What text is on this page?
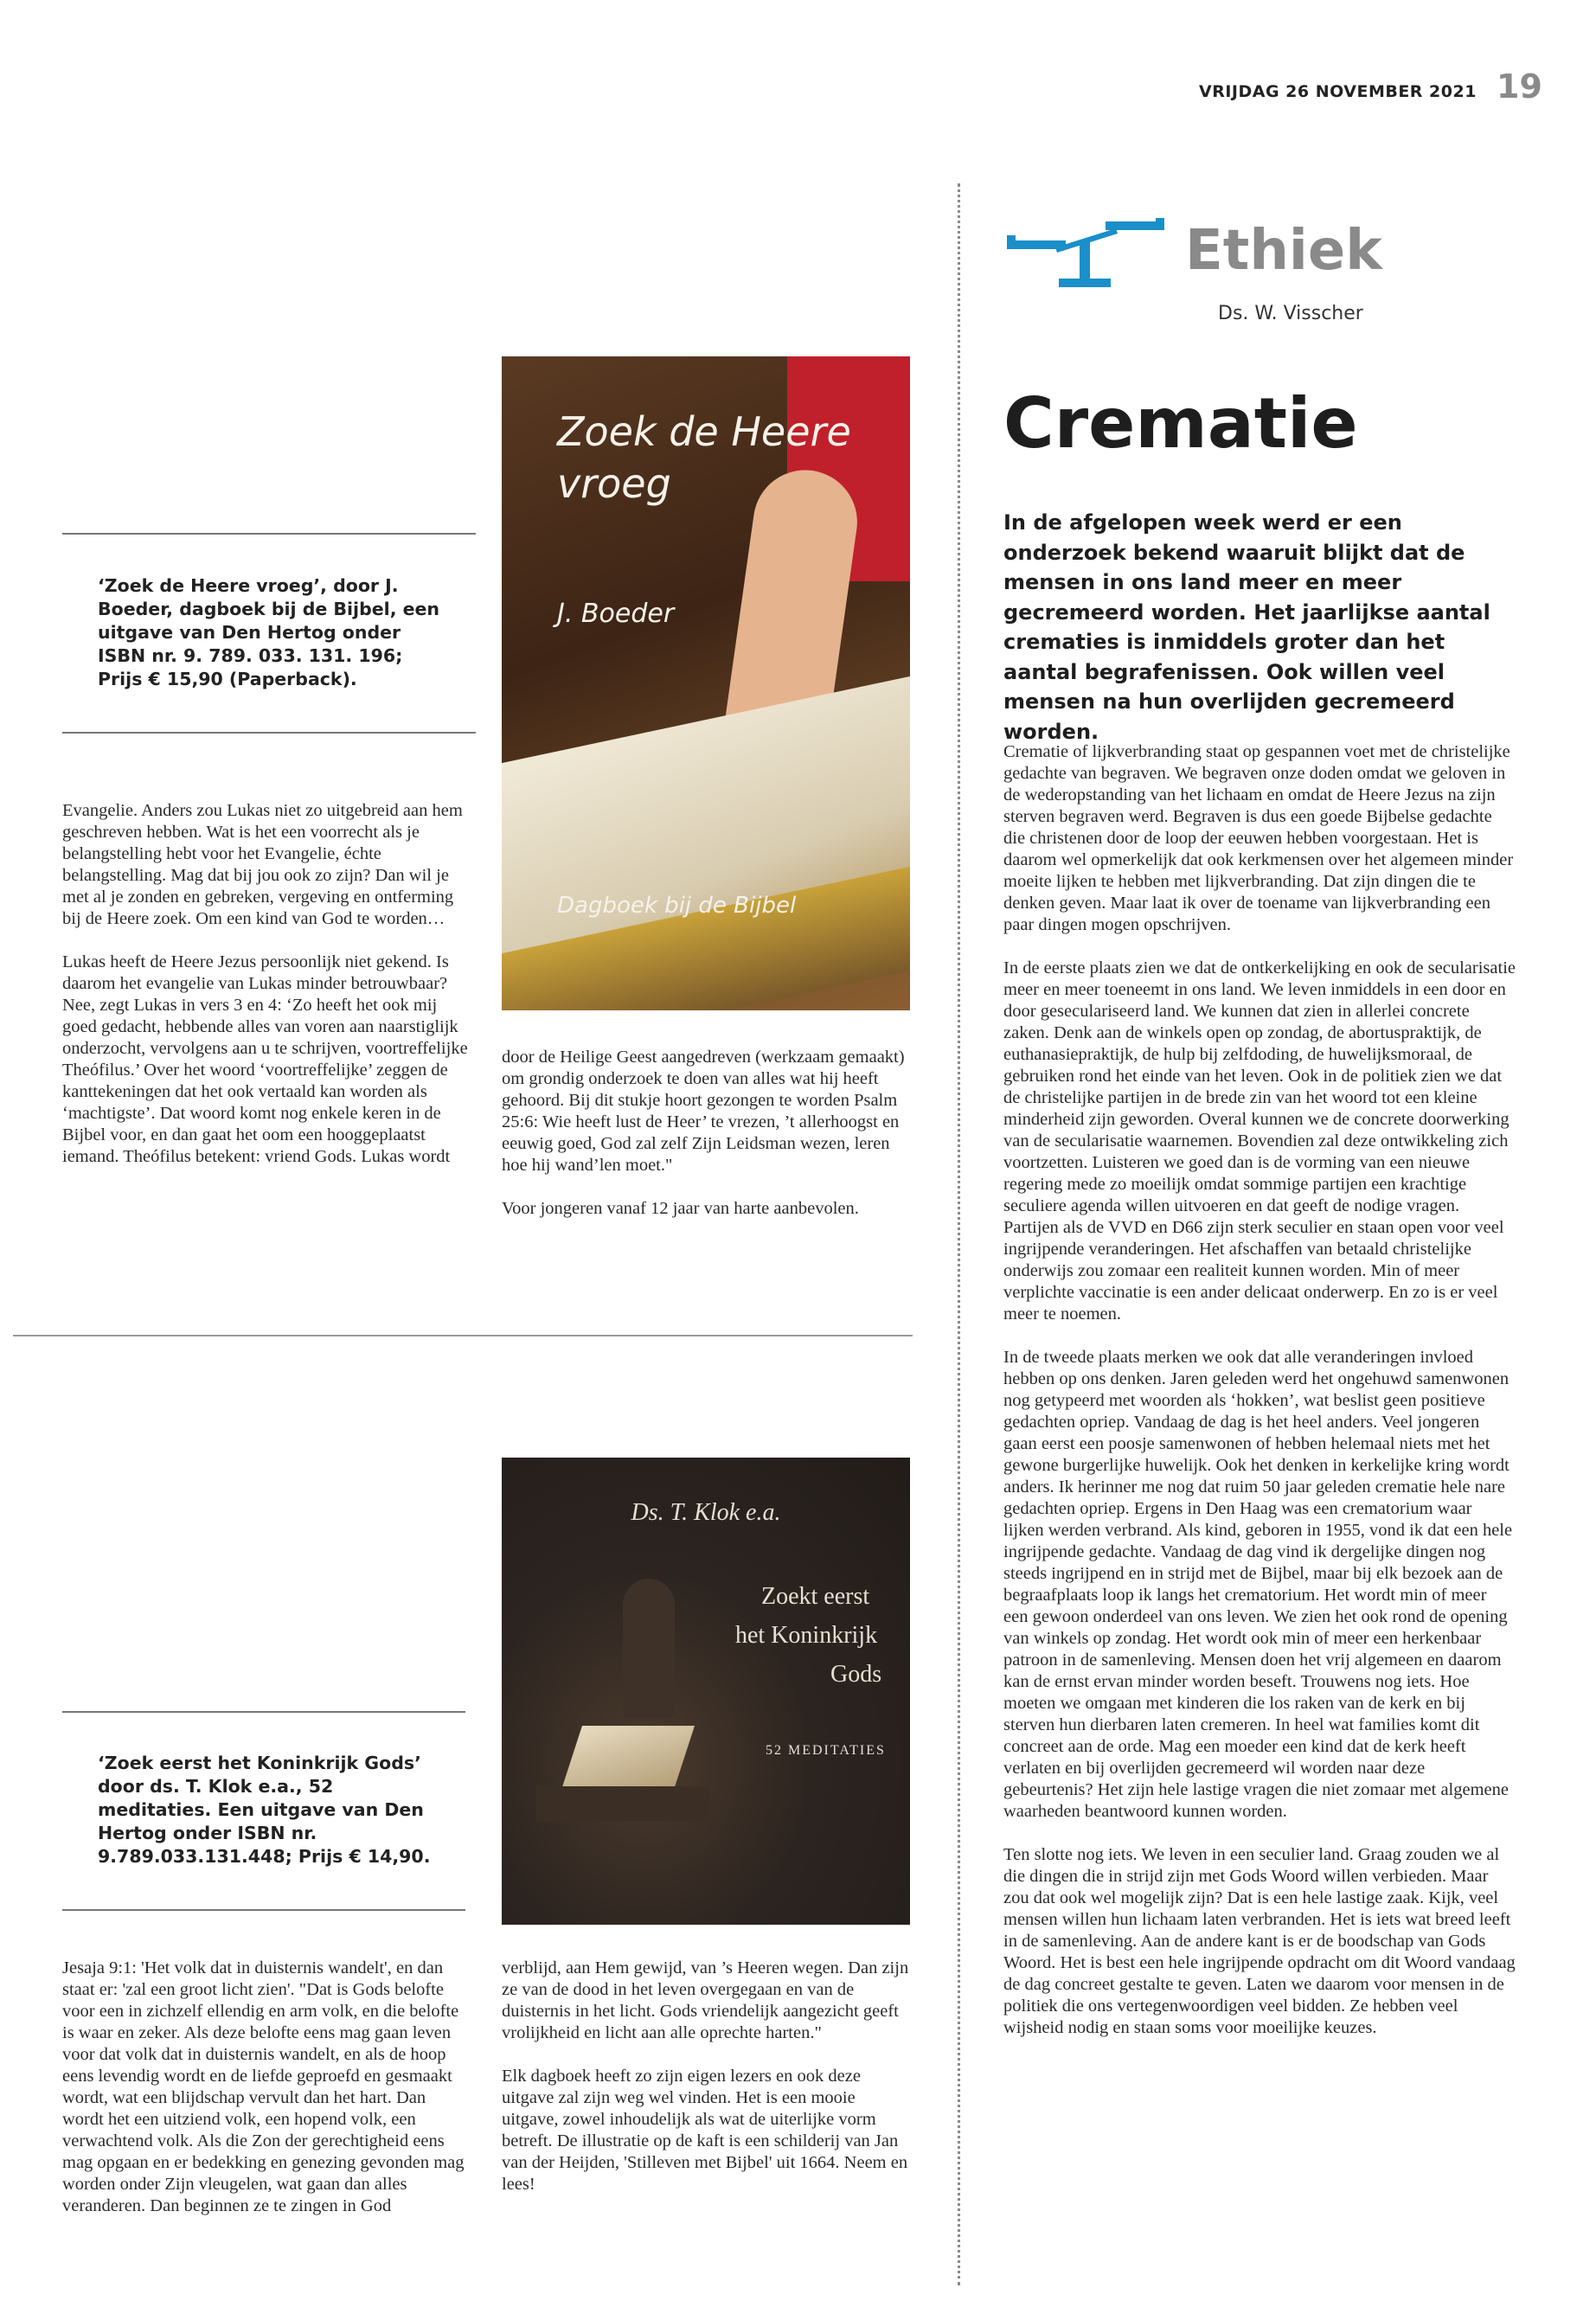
VRIJDAG 26 NOVEMBER 2021 19
Ethiek
Ds. W. Visscher
Crematie
In de afgelopen week werd er een onderzoek bekend waaruit blijkt dat de mensen in ons land meer en meer gecremeerd worden. Het jaarlijkse aantal crematies is inmiddels groter dan het aantal begrafenissen. Ook willen veel mensen na hun overlijden gecremeerd worden.

Crematie of lijkverbranding staat op gespannen voet met de christelijke gedachte van begraven. We begraven onze doden omdat we geloven in de wederopstanding van het lichaam en omdat de Heere Jezus na zijn sterven begraven werd. Begraven is dus een goede Bijbelse gedachte die christenen door de loop der eeuwen hebben voorgestaan. Het is daarom wel opmerkelijk dat ook kerkmensen over het algemeen minder moeite lijken te hebben met lijkverbranding. Dat zijn dingen die te denken geven. Maar laat ik over de toename van lijkverbranding een paar dingen mogen opschrijven.

In de eerste plaats zien we dat de ontkerkelijking en ook de secularisatie meer en meer toeneemt in ons land. We leven inmiddels in een door en door geseculariseerd land. We kunnen dat zien in allerlei concrete zaken. Denk aan de winkels open op zondag, de abortuspraktijk, de euthanasiepraktijk, de hulp bij zelfdoding, de huwelijksmoraal, de gebruiken rond het einde van het leven. Ook in de politiek zien we dat de christelijke partijen in de brede zin van het woord tot een kleine minderheid zijn geworden. Overal kunnen we de concrete doorwerking van de secularisatie waarnemen. Bovendien zal deze ontwikkeling zich voortzetten. Luisteren we goed dan is de vorming van een nieuwe regering mede zo moeilijk omdat sommige partijen een krachtige seculiere agenda willen uitvoeren en dat geeft de nodige vragen. Partijen als de VVD en D66 zijn sterk seculier en staan open voor veel ingrijpende veranderingen. Het afschaffen van betaald christelijke onderwijs zou zomaar een realiteit kunnen worden. Min of meer verplichte vaccinatie is een ander delicaat onderwerp. En zo is er veel meer te noemen.

In de tweede plaats merken we ook dat alle veranderingen invloed hebben op ons denken. Jaren geleden werd het ongehuwd samenwonen nog getypeerd met woorden als ‘hokken’, wat beslist geen positieve gedachten opriep. Vandaag de dag is het heel anders. Veel jongeren gaan eerst een poosje samenwonen of hebben helemaal niets met het gewone burgerlijke huwelijk. Ook het denken in kerkelijke kring wordt anders. Ik herinner me nog dat ruim 50 jaar geleden crematie hele nare gedachten opriep. Ergens in Den Haag was een crematorium waar lijken werden verbrand. Als kind, geboren in 1955, vond ik dat een hele ingrijpende gedachte. Vandaag de dag vind ik dergelijke dingen nog steeds ingrijpend en in strijd met de Bijbel, maar bij elk bezoek aan de begraafplaats loop ik langs het crematorium. Het wordt min of meer een gewoon onderdeel van ons leven. We zien het ook rond de opening van winkels op zondag. Het wordt ook min of meer een herkenbaar patroon in de samenleving. Mensen doen het vrij algemeen en daarom kan de ernst ervan minder worden beseft. Trouwens nog iets. Hoe moeten we omgaan met kinderen die los raken van de kerk en bij sterven hun dierbaren laten cremeren. In heel wat families komt dit concreet aan de orde. Mag een moeder een kind dat de kerk heeft verlaten en bij overlijden gecremeerd wil worden naar deze gebeurtenis? Het zijn hele lastige vragen die niet zomaar met algemene waarheden beantwoord kunnen worden.

Ten slotte nog iets. We leven in een seculier land. Graag zouden we al die dingen die in strijd zijn met Gods Woord willen verbieden. Maar zou dat ook wel mogelijk zijn? Dat is een hele lastige zaak. Kijk, veel mensen willen hun lichaam laten verbranden. Het is iets wat breed leeft in de samenleving. Aan de andere kant is er de boodschap van Gods Woord. Het is best een hele ingrijpende opdracht om dit Woord vandaag de dag concreet gestalte te geven. Laten we daarom voor mensen in de politiek die ons vertegenwoordigen veel bidden. Ze hebben veel wijsheid nodig en staan soms voor moeilijke keuzes.

‘Zoek de Heere vroeg’, door J. Boeder, dagboek bij de Bijbel, een uitgave van Den Hertog onder ISBN nr. 9. 789. 033. 131. 196; Prijs € 15,90 (Paperback).
Zoek de Heere
vroeg
J. Boeder
Dagboek bij de Bijbel

Evangelie. Anders zou Lukas niet zo uitgebreid aan hem geschreven hebben. Wat is het een voorrecht als je belangstelling hebt voor het Evangelie, échte belangstelling. Mag dat bij jou ook zo zijn? Dan wil je met al je zonden en gebreken, vergeving en ontferming bij de Heere zoek. Om een kind van God te worden…

Lukas heeft de Heere Jezus persoonlijk niet gekend. Is daarom het evangelie van Lukas minder betrouwbaar? Nee, zegt Lukas in vers 3 en 4: ‘Zo heeft het ook mij goed gedacht, hebbende alles van voren aan naarstiglijk onderzocht, vervolgens aan u te schrijven, voortreffelijke Theófilus.’ Over het woord ‘voortreffelijke’ zeggen de kanttekeningen dat het ook vertaald kan worden als ‘machtigste’. Dat woord komt nog enkele keren in de Bijbel voor, en dan gaat het oom een hooggeplaatst iemand. Theófilus betekent: vriend Gods. Lukas wordt

door de Heilige Geest aangedreven (werkzaam gemaakt) om grondig onderzoek te doen van alles wat hij heeft gehoord. Bij dit stukje hoort gezongen te worden Psalm 25:6: Wie heeft lust de Heer’ te vrezen, ’t allerhoogst en eeuwig goed, God zal zelf Zijn Leidsman wezen, leren hoe hij wand’len moet."

Voor jongeren vanaf 12 jaar van harte aanbevolen.

Ds. T. Klok e.a.
Zoekt eerst
het Koninkrijk
Gods
52 MEDITATIES
‘Zoek eerst het Koninkrijk Gods’ door ds. T. Klok e.a., 52 meditaties. Een uitgave van Den Hertog onder ISBN nr. 9.789.033.131.448; Prijs € 14,90.

Jesaja 9:1: 'Het volk dat in duisternis wandelt', en dan staat er: 'zal een groot licht zien'. "Dat is Gods belofte voor een in zichzelf ellendig en arm volk, en die belofte is waar en zeker. Als deze belofte eens mag gaan leven voor dat volk dat in duisternis wandelt, en als de hoop eens levendig wordt en de liefde geproefd en gesmaakt wordt, wat een blijdschap vervult dan het hart. Dan wordt het een uitziend volk, een hopend volk, een verwachtend volk. Als die Zon der gerechtigheid eens mag opgaan en er bedekking en genezing gevonden mag worden onder Zijn vleugelen, wat gaan dan alles veranderen. Dan beginnen ze te zingen in God

verblijd, aan Hem gewijd, van ’s Heeren wegen. Dan zijn ze van de dood in het leven overgegaan en van de duisternis in het licht. Gods vriendelijk aangezicht geeft vrolijkheid en licht aan alle oprechte harten."

Elk dagboek heeft zo zijn eigen lezers en ook deze uitgave zal zijn weg wel vinden. Het is een mooie uitgave, zowel inhoudelijk als wat de uiterlijke vorm betreft. De illustratie op de kaft is een schilderij van Jan van der Heijden, 'Stilleven met Bijbel' uit 1664. Neem en lees!
